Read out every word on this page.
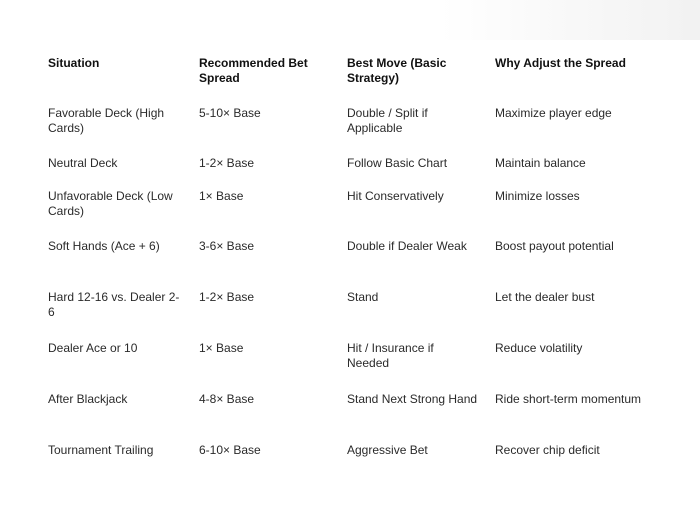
Situation	Recommended Bet Spread	Best Move (Basic Strategy)	Why Adjust the Spread
Favorable Deck (High Cards)	5-10× Base	Double / Split if Applicable	Maximize player edge
Neutral Deck	1-2× Base	Follow Basic Chart	Maintain balance
Unfavorable Deck (Low Cards)	1× Base	Hit Conservatively	Minimize losses
Soft Hands (Ace + 6)	3-6× Base	Double if Dealer Weak	Boost payout potential
Hard 12-16 vs. Dealer 2-6	1-2× Base	Stand	Let the dealer bust
Dealer Ace or 10	1× Base	Hit / Insurance if Needed	Reduce volatility
After Blackjack	4-8× Base	Stand Next Strong Hand	Ride short-term momentum
Tournament Trailing	6-10× Base	Aggressive Bet	Recover chip deficit
